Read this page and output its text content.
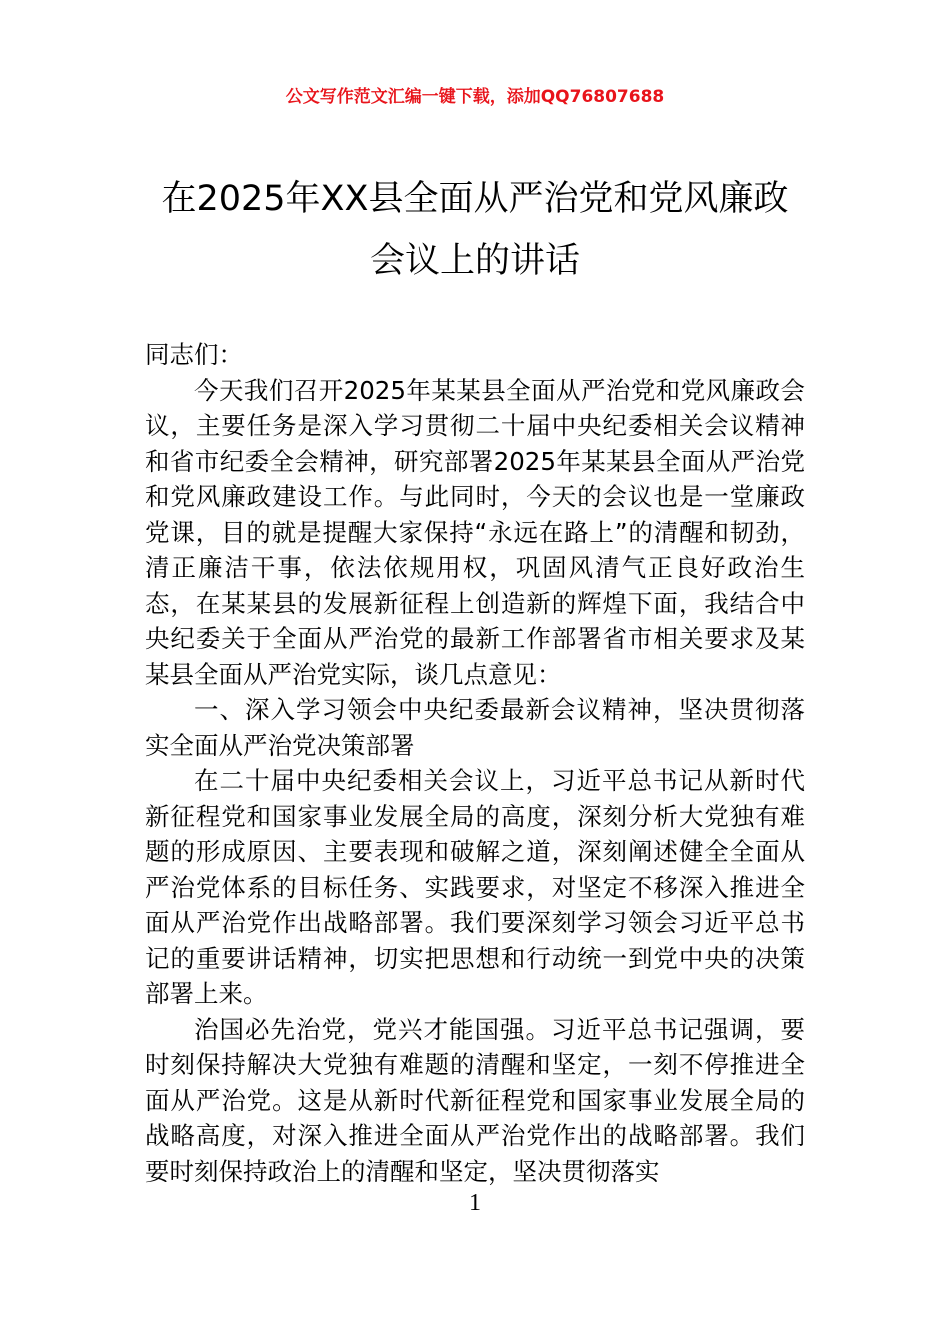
公文写作范文汇编一键下载，添加QQ76807688
在2025年XX县全面从严治党和党风廉政
会议上的讲话

同志们：

今天我们召开2025年某某县全面从严治党和党风廉政会议，主要任务是深入学习贯彻二十届中央纪委相关会议精神和省市纪委全会精神，研究部署2025年某某县全面从严治党和党风廉政建设工作。与此同时，今天的会议也是一堂廉政党课，目的就是提醒大家保持“永远在路上”的清醒和韧劲，清正廉洁干事，依法依规用权，巩固风清气正良好政治生态，在某某县的发展新征程上创造新的辉煌下面，我结合中央纪委关于全面从严治党的最新工作部署省市相关要求及某某县全面从严治党实际，谈几点意见：

一、深入学习领会中央纪委最新会议精神，坚决贯彻落实全面从严治党决策部署

在二十届中央纪委相关会议上，习近平总书记从新时代新征程党和国家事业发展全局的高度，深刻分析大党独有难题的形成原因、主要表现和破解之道，深刻阐述健全全面从严治党体系的目标任务、实践要求，对坚定不移深入推进全面从严治党作出战略部署。我们要深刻学习领会习近平总书记的重要讲话精神，切实把思想和行动统一到党中央的决策部署上来。

治国必先治党，党兴才能国强。习近平总书记强调，要时刻保持解决大党独有难题的清醒和坚定，一刻不停推进全面从严治党。这是从新时代新征程党和国家事业发展全局的战略高度，对深入推进全面从严治党作出的战略部署。我们要时刻保持政治上的清醒和坚定，坚决贯彻落实

1
